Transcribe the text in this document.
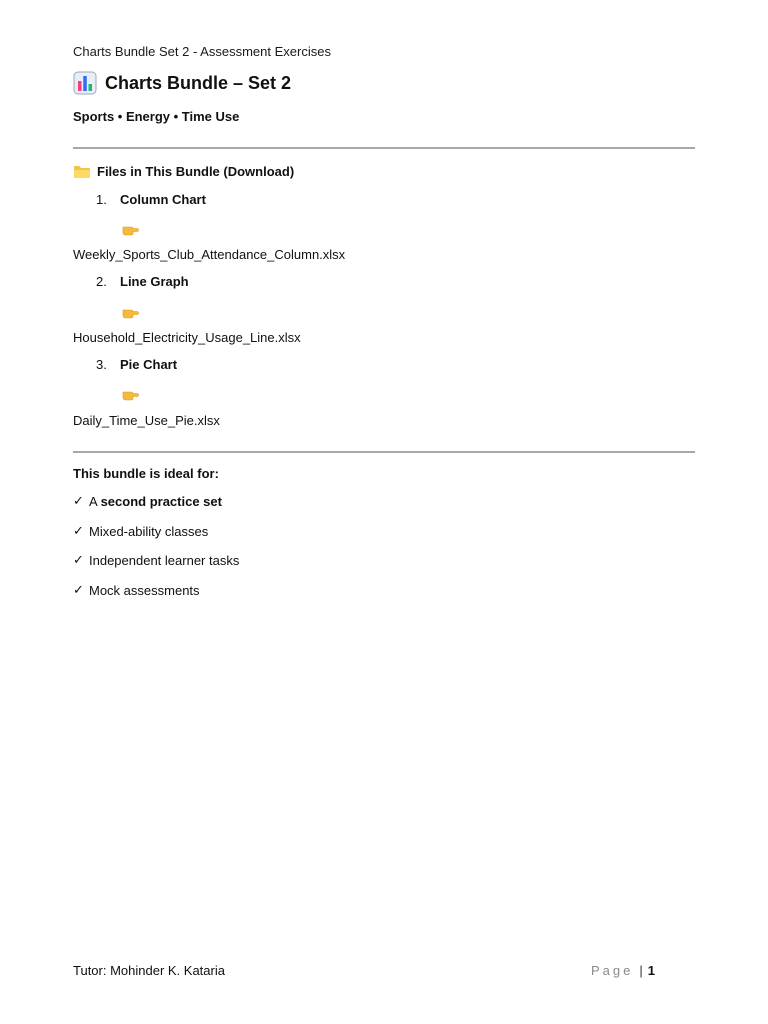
Charts Bundle Set 2 - Assessment Exercises
Charts Bundle – Set 2
Sports • Energy • Time Use
Files in This Bundle (Download)
1. Column Chart
Weekly_Sports_Club_Attendance_Column.xlsx
2. Line Graph
Household_Electricity_Usage_Line.xlsx
3. Pie Chart
Daily_Time_Use_Pie.xlsx
This bundle is ideal for:
✓ A second practice set
✓ Mixed-ability classes
✓ Independent learner tasks
✓ Mock assessments
Tutor: Mohinder K. Kataria	Page | 1
